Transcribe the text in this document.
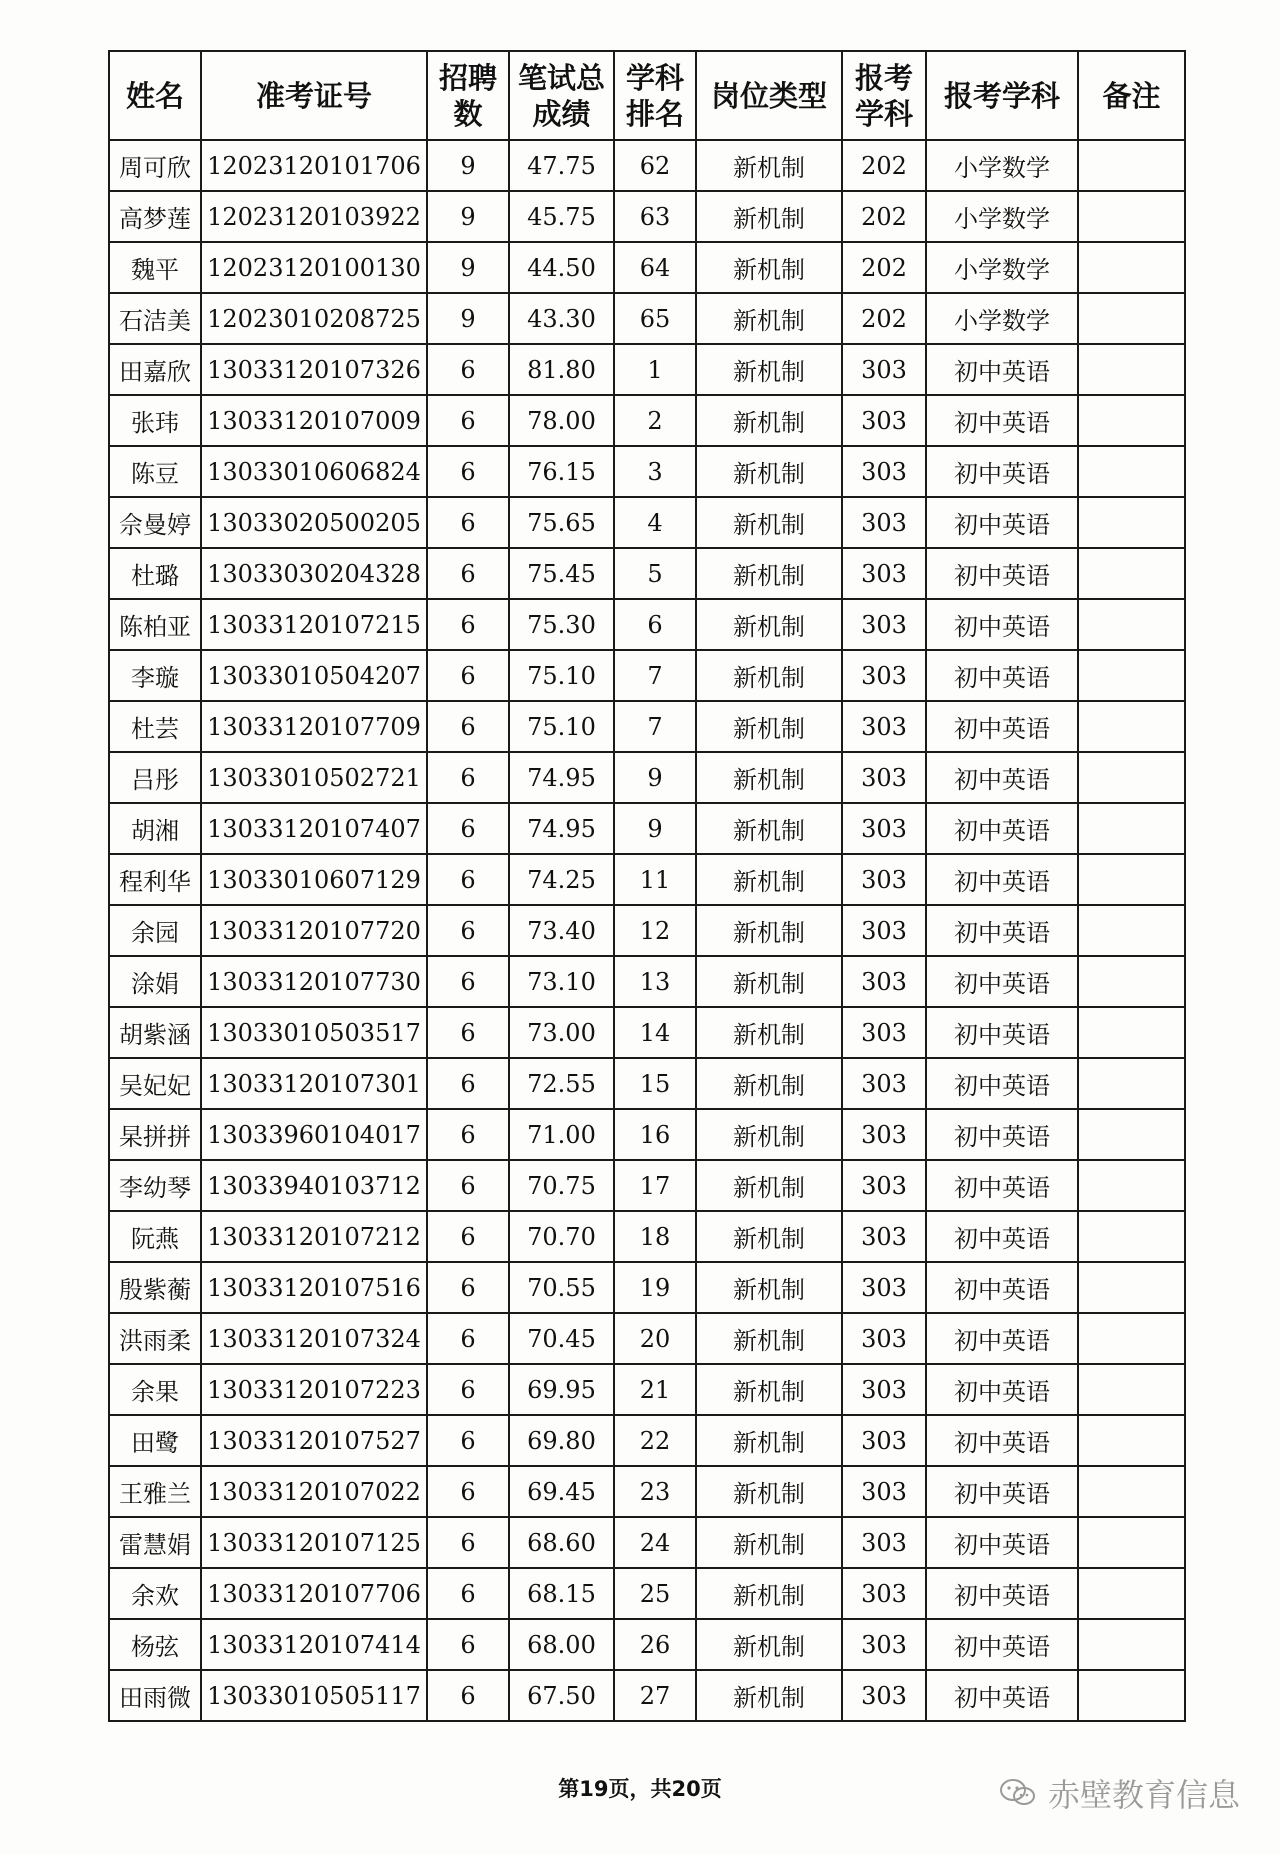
姓名	准考证号	招聘数	笔试总成绩	学科排名	岗位类型	报考学科	报考学科	备注
周可欣	12023120101706	9	47.75	62	新机制	202	小学数学	
高梦莲	12023120103922	9	45.75	63	新机制	202	小学数学	
魏平	12023120100130	9	44.50	64	新机制	202	小学数学	
石洁美	12023010208725	9	43.30	65	新机制	202	小学数学	
田嘉欣	13033120107326	6	81.80	1	新机制	303	初中英语	
张玮	13033120107009	6	78.00	2	新机制	303	初中英语	
陈豆	13033010606824	6	76.15	3	新机制	303	初中英语	
佘曼婷	13033020500205	6	75.65	4	新机制	303	初中英语	
杜璐	13033030204328	6	75.45	5	新机制	303	初中英语	
陈柏亚	13033120107215	6	75.30	6	新机制	303	初中英语	
李璇	13033010504207	6	75.10	7	新机制	303	初中英语	
杜芸	13033120107709	6	75.10	7	新机制	303	初中英语	
吕彤	13033010502721	6	74.95	9	新机制	303	初中英语	
胡湘	13033120107407	6	74.95	9	新机制	303	初中英语	
程利华	13033010607129	6	74.25	11	新机制	303	初中英语	
余园	13033120107720	6	73.40	12	新机制	303	初中英语	
涂娟	13033120107730	6	73.10	13	新机制	303	初中英语	
胡紫涵	13033010503517	6	73.00	14	新机制	303	初中英语	
吴妃妃	13033120107301	6	72.55	15	新机制	303	初中英语	
杲拼拼	13033960104017	6	71.00	16	新机制	303	初中英语	
李幼琴	13033940103712	6	70.75	17	新机制	303	初中英语	
阮燕	13033120107212	6	70.70	18	新机制	303	初中英语	
殷紫蘅	13033120107516	6	70.55	19	新机制	303	初中英语	
洪雨柔	13033120107324	6	70.45	20	新机制	303	初中英语	
余果	13033120107223	6	69.95	21	新机制	303	初中英语	
田鹭	13033120107527	6	69.80	22	新机制	303	初中英语	
王雅兰	13033120107022	6	69.45	23	新机制	303	初中英语	
雷慧娟	13033120107125	6	68.60	24	新机制	303	初中英语	
余欢	13033120107706	6	68.15	25	新机制	303	初中英语	
杨弦	13033120107414	6	68.00	26	新机制	303	初中英语	
田雨微	13033010505117	6	67.50	27	新机制	303	初中英语	
第19页，共20页	赤壁教育信息
